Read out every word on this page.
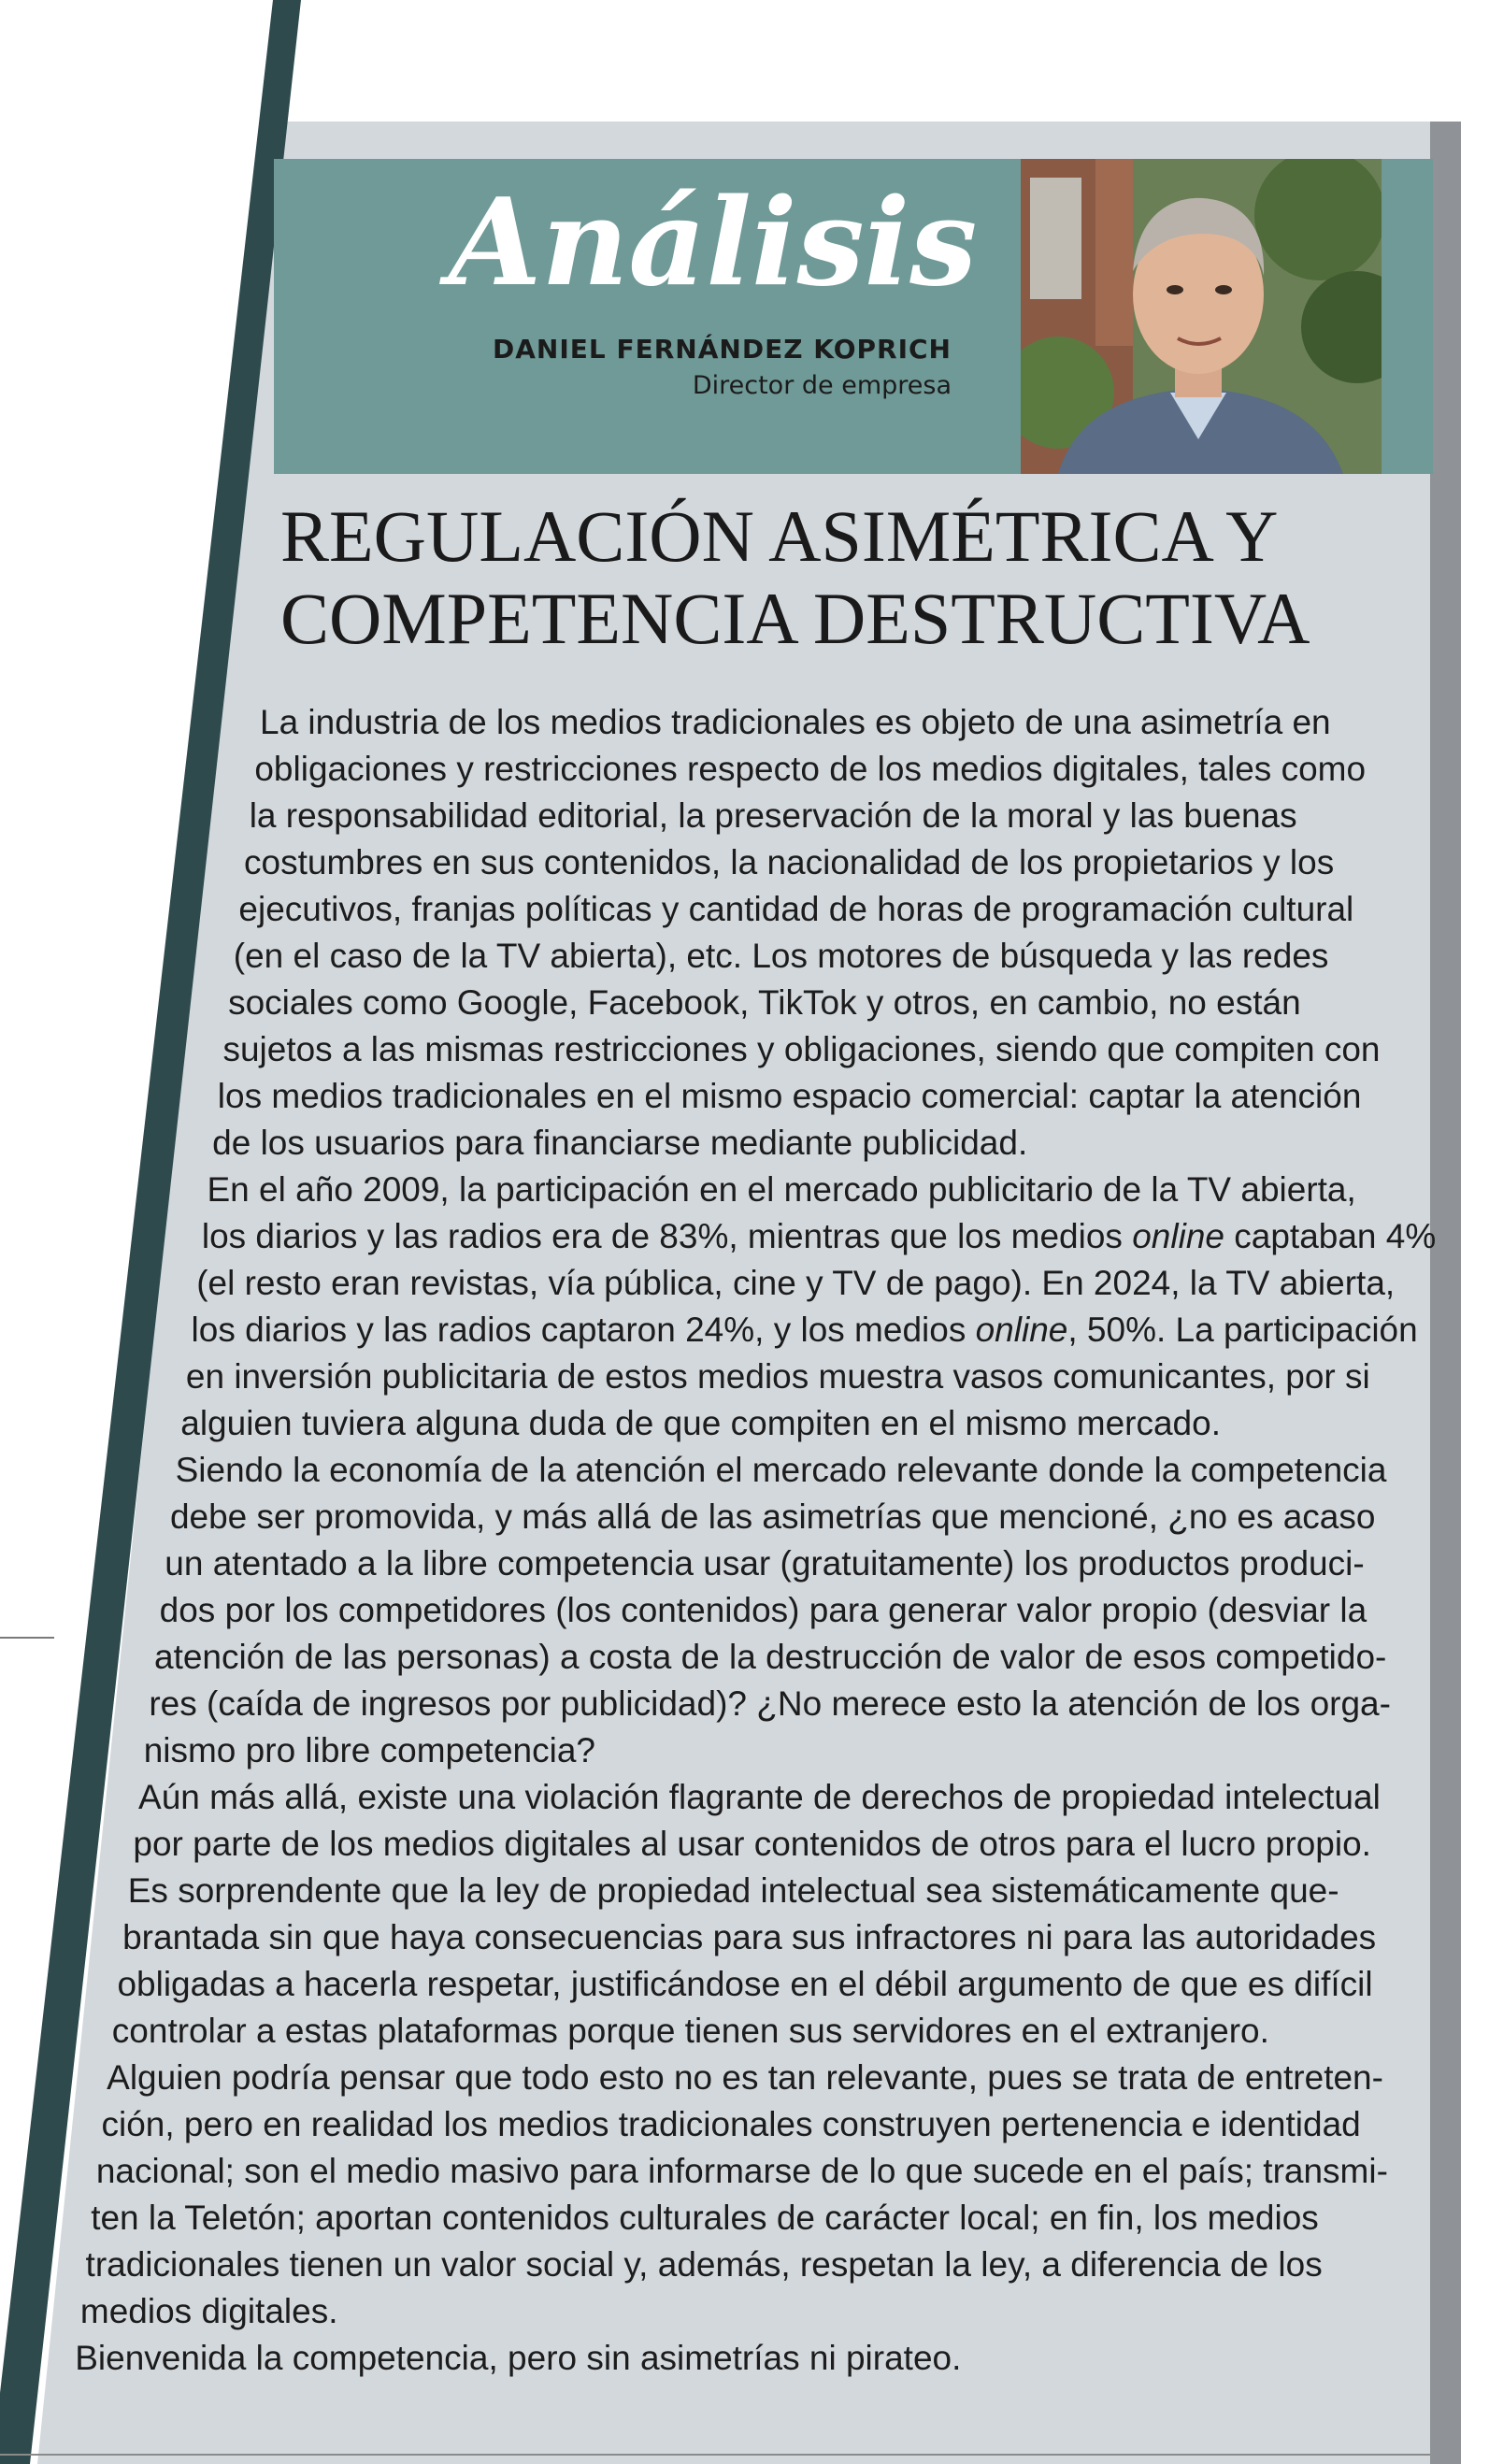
Análisis
DANIEL FERNÁNDEZ KOPRICH
Director de empresa
REGULACIÓN ASIMÉTRICA Y
COMPETENCIA DESTRUCTIVA
La industria de los medios tradicionales es objeto de una asimetría en
obligaciones y restricciones respecto de los medios digitales, tales como
la responsabilidad editorial, la preservación de la moral y las buenas
costumbres en sus contenidos, la nacionalidad de los propietarios y los
ejecutivos, franjas políticas y cantidad de horas de programación cultural
(en el caso de la TV abierta), etc. Los motores de búsqueda y las redes
sociales como Google, Facebook, TikTok y otros, en cambio, no están
sujetos a las mismas restricciones y obligaciones, siendo que compiten con
los medios tradicionales en el mismo espacio comercial: captar la atención
de los usuarios para financiarse mediante publicidad.
En el año 2009, la participación en el mercado publicitario de la TV abierta,
los diarios y las radios era de 83%, mientras que los medios online captaban 4%
(el resto eran revistas, vía pública, cine y TV de pago). En 2024, la TV abierta,
los diarios y las radios captaron 24%, y los medios online, 50%. La participación
en inversión publicitaria de estos medios muestra vasos comunicantes, por si
alguien tuviera alguna duda de que compiten en el mismo mercado.
Siendo la economía de la atención el mercado relevante donde la competencia
debe ser promovida, y más allá de las asimetrías que mencioné, ¿no es acaso
un atentado a la libre competencia usar (gratuitamente) los productos produci-
dos por los competidores (los contenidos) para generar valor propio (desviar la
atención de las personas) a costa de la destrucción de valor de esos competido-
res (caída de ingresos por publicidad)? ¿No merece esto la atención de los orga-
nismo pro libre competencia?
Aún más allá, existe una violación flagrante de derechos de propiedad intelectual
por parte de los medios digitales al usar contenidos de otros para el lucro propio.
Es sorprendente que la ley de propiedad intelectual sea sistemáticamente que-
brantada sin que haya consecuencias para sus infractores ni para las autoridades
obligadas a hacerla respetar, justificándose en el débil argumento de que es difícil
controlar a estas plataformas porque tienen sus servidores en el extranjero.
Alguien podría pensar que todo esto no es tan relevante, pues se trata de entreten-
ción, pero en realidad los medios tradicionales construyen pertenencia e identidad
nacional; son el medio masivo para informarse de lo que sucede en el país; transmi-
ten la Teletón; aportan contenidos culturales de carácter local; en fin, los medios
tradicionales tienen un valor social y, además, respetan la ley, a diferencia de los
medios digitales.
Bienvenida la competencia, pero sin asimetrías ni pirateo.
